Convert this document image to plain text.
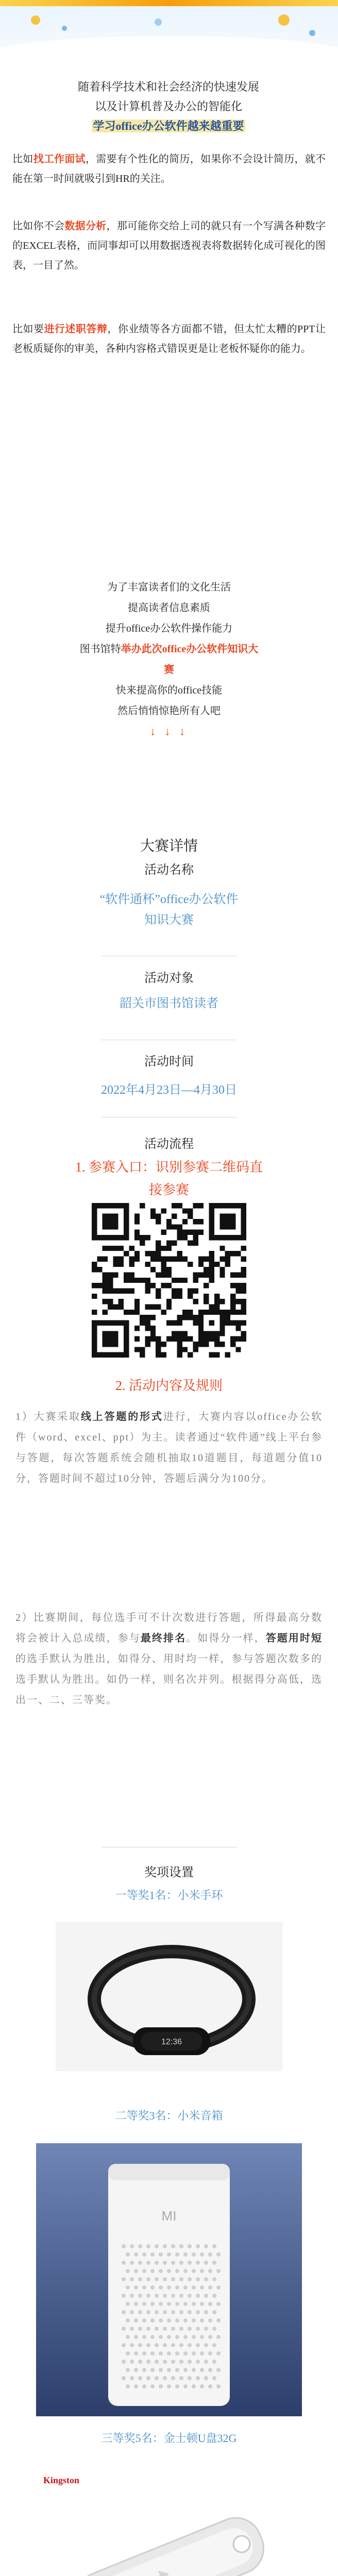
随着科学技术和社会经济的快速发展
以及计算机普及办公的智能化
学习office办公软件越来越重要
比如找工作面试，需要有个性化的简历，如果你不会设计简历，就不能在第一时间就吸引到HR的关注。
比如你不会数据分析，那可能你交给上司的就只有一个写满各种数字的EXCEL表格，而同事却可以用数据透视表将数据转化成可视化的图表，一目了然。
比如要进行述职答辩，你业绩等各方面都不错，但太忙太糟的PPT让老板质疑你的审美，各种内容格式错误更是让老板怀疑你的能力。
为了丰富读者们的文化生活
提高读者信息素质
提升office办公软件操作能力
图书馆特举办此次office办公软件知识大赛
快来提高你的office技能
然后悄悄惊艳所有人吧
↓ ↓ ↓
大赛详情
活动名称
“软件通杯”office办公软件
知识大赛
活动对象
韶关市图书馆读者
活动时间
2022年4月23日—4月30日
活动流程
1. 参赛入口：识别参赛二维码直
接参赛
2. 活动内容及规则
1）大赛采取线上答题的形式进行，大赛内容以office办公软件（word、excel、ppt）为主。读者通过“软件通”线上平台参与答题，每次答题系统会随机抽取10道题目，每道题分值10分，答题时间不超过10分钟，答题后满分为100分。
2）比赛期间，每位选手可不计次数进行答题，所得最高分数将会被计入总成绩，参与最终排名。如得分一样，答题用时短的选手默认为胜出，如得分、用时均一样，参与答题次数多的选手默认为胜出。如仍一样，则名次并列。根据得分高低，选出一、二、三等奖。
奖项设置
一等奖1名：小米手环
12:36
二等奖3名：小米音箱
MI
三等奖5名：金士顿U盘32G
Kingston
